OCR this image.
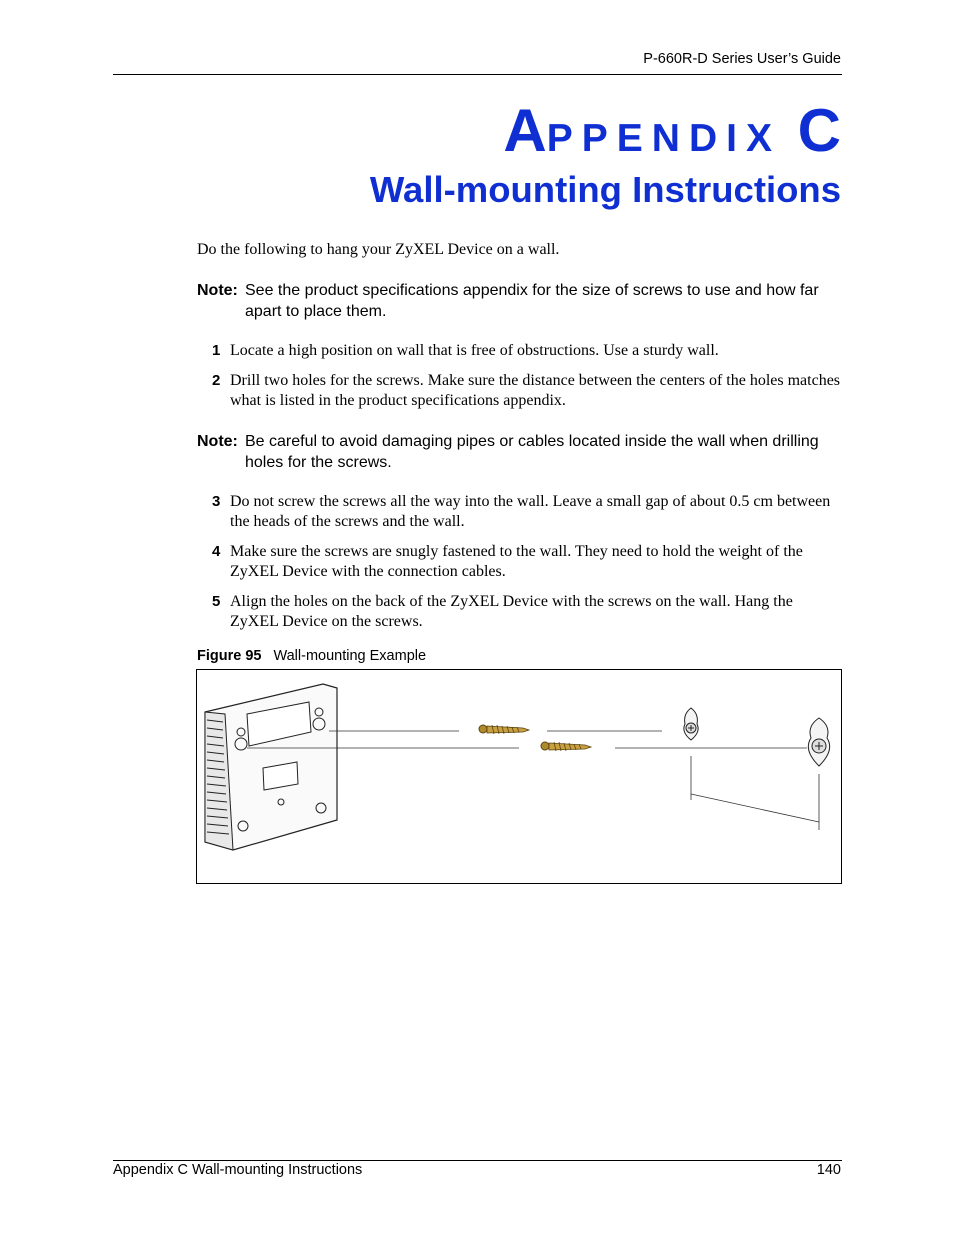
P-660R-D Series User’s Guide
APPENDIX C
Wall-mounting Instructions
Do the following to hang your ZyXEL Device on a wall.
Note: See the product specifications appendix for the size of screws to use and how far apart to place them.
1 Locate a high position on wall that is free of obstructions. Use a sturdy wall.
2 Drill two holes for the screws. Make sure the distance between the centers of the holes matches what is listed in the product specifications appendix.
Note: Be careful to avoid damaging pipes or cables located inside the wall when drilling holes for the screws.
3 Do not screw the screws all the way into the wall. Leave a small gap of about 0.5 cm between the heads of the screws and the wall.
4 Make sure the screws are snugly fastened to the wall. They need to hold the weight of the ZyXEL Device with the connection cables.
5 Align the holes on the back of the ZyXEL Device with the screws on the wall. Hang the ZyXEL Device on the screws.
Figure 95 Wall-mounting Example
Appendix C Wall-mounting Instructions	140
